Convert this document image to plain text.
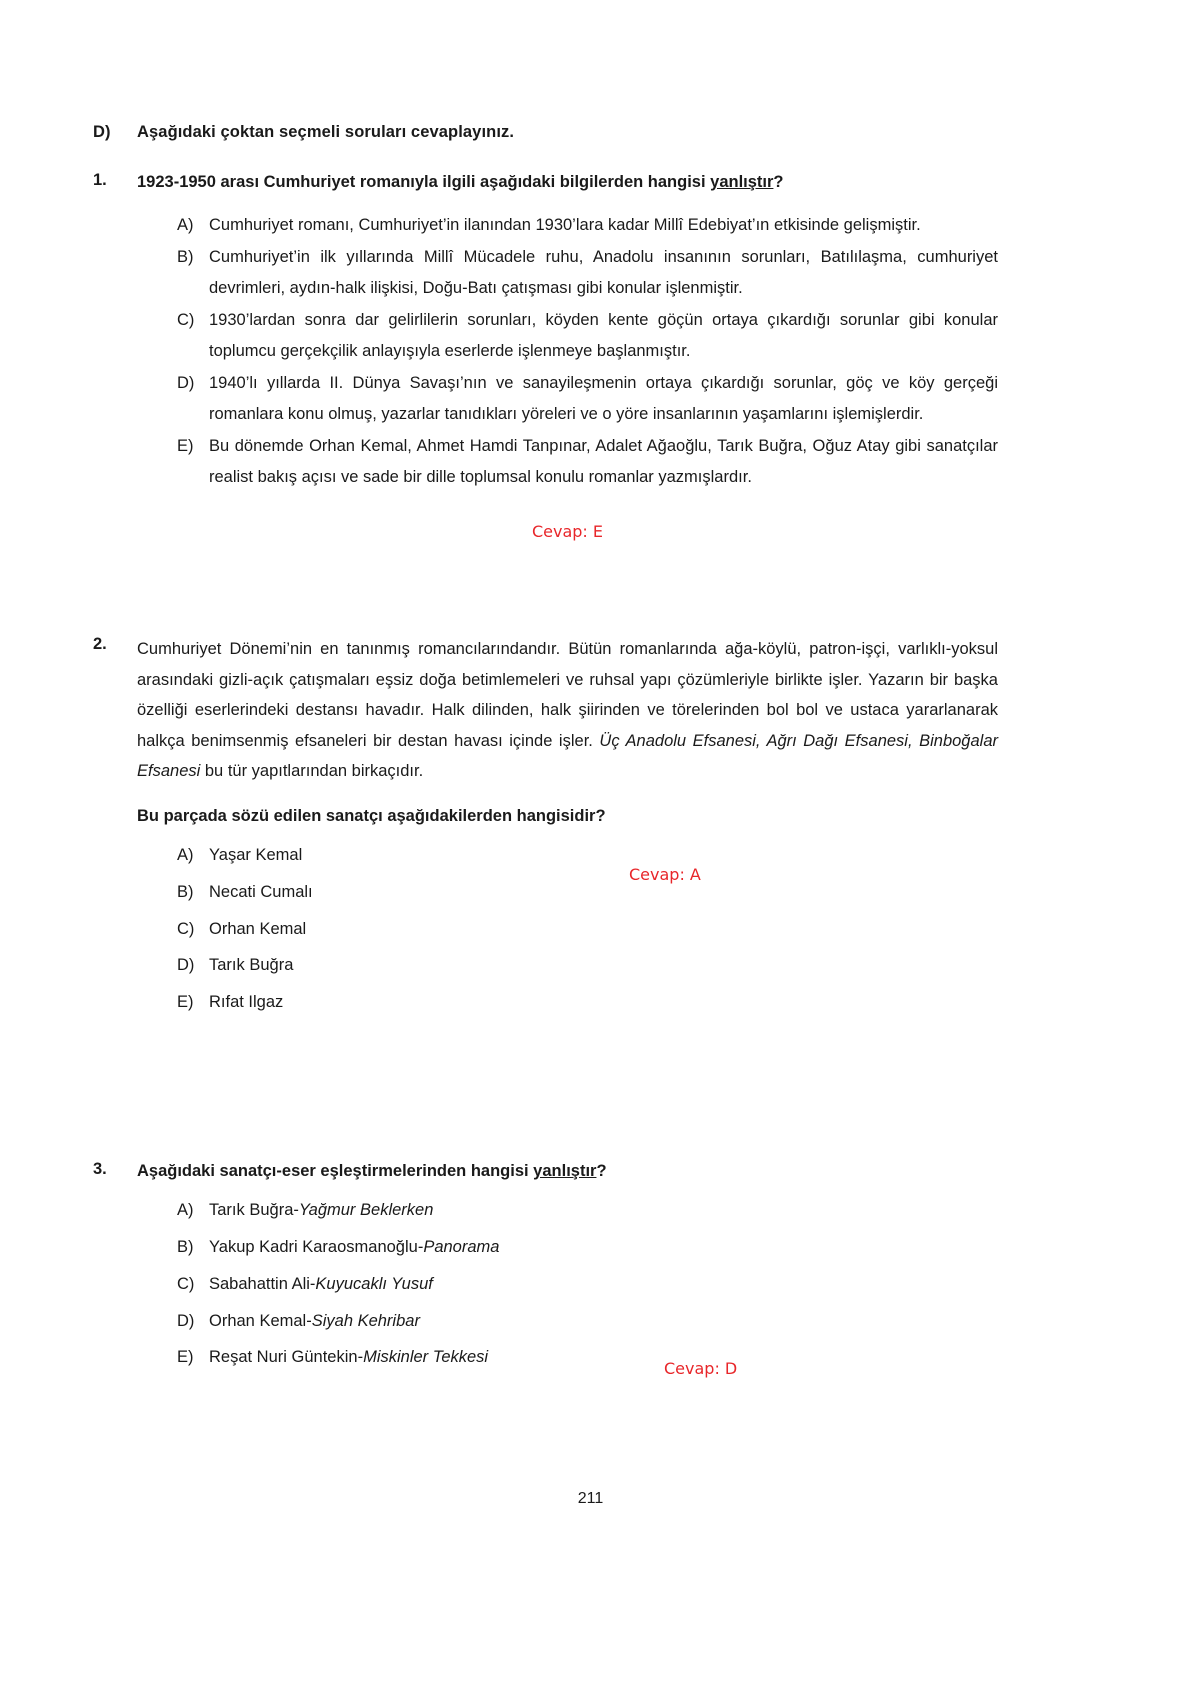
D)	Aşağıdaki çoktan seçmeli soruları cevaplayınız.
1.	1923-1950 arası Cumhuriyet romanıyla ilgili aşağıdaki bilgilerden hangisi yanlıştır?
A) Cumhuriyet romanı, Cumhuriyet’in ilanından 1930’lara kadar Millî Edebiyat’ın etkisinde gelişmiştir.
B) Cumhuriyet’in ilk yıllarında Millî Mücadele ruhu, Anadolu insanının sorunları, Batılılaşma, cumhuriyet devrimleri, aydın-halk ilişkisi, Doğu-Batı çatışması gibi konular işlenmiştir.
C) 1930’lardan sonra dar gelirlilerin sorunları, köyden kente göçün ortaya çıkardığı sorunlar gibi konular toplumcu gerçekçilik anlayışıyla eserlerde işlenmeye başlanmıştır.
D) 1940’lı yıllarda II. Dünya Savaşı’nın ve sanayileşmenin ortaya çıkardığı sorunlar, göç ve köy gerçeği romanlara konu olmuş, yazarlar tanıdıkları yöreleri ve o yöre insanlarının yaşamlarını işlemişlerdir.
E) Bu dönemde Orhan Kemal, Ahmet Hamdi Tanpınar, Adalet Ağaoğlu, Tarık Buğra, Oğuz Atay gibi sanatçılar realist bakış açısı ve sade bir dille toplumsal konulu romanlar yazmışlardır.
Cevap: E
2.	Cumhuriyet Dönemi’nin en tanınmış romancılarındandır. Bütün romanlarında ağa-köylü, patron-işçi, varlıklı-yoksul arasındaki gizli-açık çatışmaları eşsiz doğa betimlemeleri ve ruhsal yapı çözümleriyle birlikte işler. Yazarın bir başka özelliği eserlerindeki destansı havadır. Halk dilinden, halk şiirinden ve törelerinden bol bol ve ustaca yararlanarak halkça benimsenmiş efsaneleri bir destan havası içinde işler. Üç Anadolu Efsanesi, Ağrı Dağı Efsanesi, Binboğalar Efsanesi bu tür yapıtlarından birkaçıdır.
Bu parçada sözü edilen sanatçı aşağıdakilerden hangisidir?
A) Yaşar Kemal
B) Necati Cumalı
C) Orhan Kemal
D) Tarık Buğra
E) Rıfat Ilgaz
Cevap: A
3.	Aşağıdaki sanatçı-eser eşleştirmelerinden hangisi yanlıştır?
A) Tarık Buğra-Yağmur Beklerken
B) Yakup Kadri Karaosmanoğlu-Panorama
C) Sabahattin Ali-Kuyucaklı Yusuf
D) Orhan Kemal-Siyah Kehribar
E) Reşat Nuri Güntekin-Miskinler Tekkesi
Cevap: D
211
